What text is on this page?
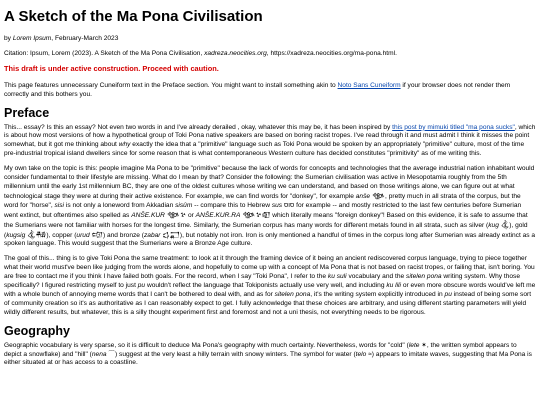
A Sketch of the Ma Pona Civilisation

by Lorem Ipsum, February-March 2023

Citation: Ipsum, Lorem (2023). A Sketch of the Ma Pona Civilisation, xadreza.neocities.org, https://xadreza.neocities.org/ma-pona.html.

This draft is under active construction. Proceed with caution.

This page features unnecessary Cuneiform text in the Preface section. You might want to install something akin to Noto Sans Cuneiform if your browser does not render them correctly and this bothers you.

Preface

This... essay? Is this an essay? Not even two words in and I've already derailed , okay, whatever this may be, it has been inspired by this post by mimuki titled "ma pona sucks", which is about how most versions of how a hypothetical group of Toki Pona native speakers are based on boring racist tropes. I've read through it and must admit I think it misses the point somewhat, but it got me thinking about why exactly the idea that a "primitive" language such as Toki Pona would be spoken by an appropriately "primitive" culture, most of the time pre-industrial tropical island dwellers since for some reason that is what contemporaneous Western culture has decided constitutes "primitivity" as of me writing this.

My own take on the topic is this: people imagine Ma Pona to be "primitive" because the lack of words for concepts and technologies that the average industrial nation inhabitant would consider fundamental to their lifestyle are missing. What do I mean by that? Consider the following: the Sumerian civilisation was active in Mesopotamia roughly from the 5th millennium until the early 1st millennium BC, they are one of the oldest cultures whose writing we can understand, and based on those writings alone, we can figure out at what technological stage they were at during their active existence. For example, we can find words for "donkey", for example anše 𒀲, pretty much in all strata of the corpus, but the word for "horse", sisi is not only a loneword from Akkadian sisûm -- compare this to Hebrew sus סוס for example -- and mostly restricted to the last few centuries before Sumerian went extinct, but oftentimes also spelled as ANŠE.KUR 𒀲𒆳 or ANŠE.KUR.RA 𒀲𒆳𒊏 which literally means "foreign donkey"! Based on this evidence, it is safe to assume that the Sumerians were not familiar with horses for the longest time. Similarly, the Sumerian corpus has many words for different metals found in all strata, such as silver (kug 𒆬), gold (kugsig 𒆬𒄀), copper (urud 𒍐) and bronze (zabar 𒌓𒂷), but notably not iron. Iron is only mentioned a handful of times in the corpus long after Sumerian was already extinct as a spoken language. This would suggest that the Sumerians were a Bronze Age culture.

The goal of this... thing is to give Toki Pona the same treatment: to look at it through the framing device of it being an ancient rediscovered corpus language, trying to piece together what their world must've been like judging from the words alone, and hopefully to come up with a concept of Ma Pona that is not based on racist tropes, or failing that, isn't boring. You are free to contact me if you think I have failed both goals. For the record, when I say "Toki Pona", I refer to the ku suli vocabulary and the sitelen pona writing system. Why those specifically? I figured restricting myself to just pu wouldn't reflect the language that Tokiponists actually use very well, and including ku lili or even more obscure words would've left me with a whole bunch of annoying meme words that I can't be bothered to deal with, and as for sitelen pona, it's the writing system explicitly introduced in pu instead of being some sort of community creation so it's as authoritative as I can reasonably expect to get. I fully acknowledge that these choices are arbitrary, and using different starting parameters will yield wildly different results, but whatever, this is a silly thought experiment first and foremost and not a uni thesis, not everything needs to be rigorous.

Geography

Geographic vocabulary is very sparse, so it is difficult to deduce Ma Pona's geography with much certainty. Nevertheless, words for "cold" (lete ✶, the written symbol appears to depict a snowflake) and "hill" (nena ⌒) suggest at the very least a hilly terrain with snowy winters. The symbol for water (telo ≈) appears to imitate waves, suggesting that Ma Pona is either situated at or has access to a coastline.
